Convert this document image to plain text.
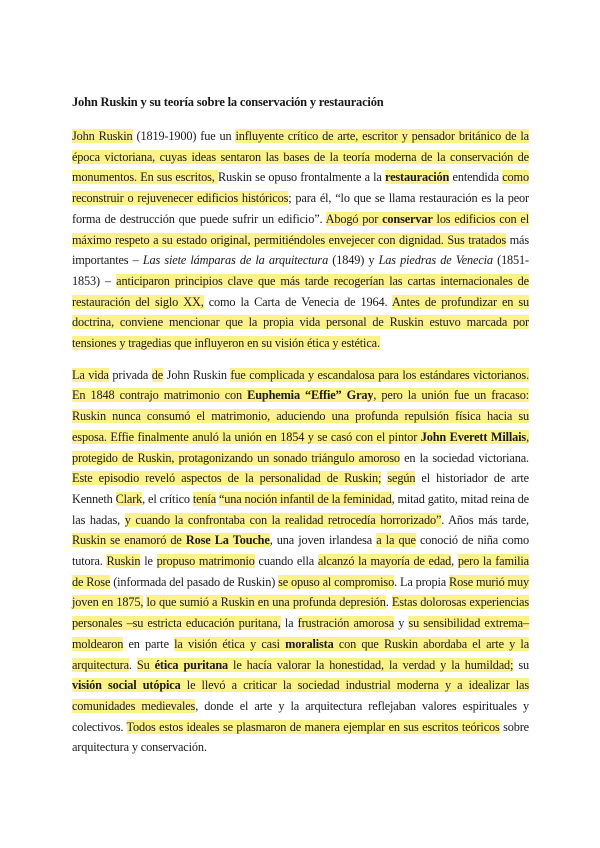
John Ruskin y su teoría sobre la conservación y restauración

John Ruskin (1819-1900) fue un influyente crítico de arte, escritor y pensador británico de la época victoriana, cuyas ideas sentaron las bases de la teoría moderna de la conservación de monumentos. En sus escritos, Ruskin se opuso frontalmente a la restauración entendida como reconstruir o rejuvenecer edificios históricos; para él, “lo que se llama restauración es la peor forma de destrucción que puede sufrir un edificio”. Abogó por conservar los edificios con el máximo respeto a su estado original, permitiéndoles envejecer con dignidad. Sus tratados más importantes – Las siete lámparas de la arquitectura (1849) y Las piedras de Venecia (1851-1853) – anticiparon principios clave que más tarde recogerían las cartas internacionales de restauración del siglo XX, como la Carta de Venecia de 1964. Antes de profundizar en su doctrina, conviene mencionar que la propia vida personal de Ruskin estuvo marcada por tensiones y tragedias que influyeron en su visión ética y estética.

La vida privada de John Ruskin fue complicada y escandalosa para los estándares victorianos. En 1848 contrajo matrimonio con Euphemia “Effie” Gray, pero la unión fue un fracaso: Ruskin nunca consumó el matrimonio, aduciendo una profunda repulsión física hacia su esposa. Effie finalmente anuló la unión en 1854 y se casó con el pintor John Everett Millais, protegido de Ruskin, protagonizando un sonado triángulo amoroso en la sociedad victoriana. Este episodio reveló aspectos de la personalidad de Ruskin; según el historiador de arte Kenneth Clark, el crítico tenía “una noción infantil de la feminidad, mitad gatito, mitad reina de las hadas, y cuando la confrontaba con la realidad retrocedía horrorizado”. Años más tarde, Ruskin se enamoró de Rose La Touche, una joven irlandesa a la que conoció de niña como tutora. Ruskin le propuso matrimonio cuando ella alcanzó la mayoría de edad, pero la familia de Rose (informada del pasado de Ruskin) se opuso al compromiso. La propia Rose murió muy joven en 1875, lo que sumió a Ruskin en una profunda depresión. Estas dolorosas experiencias personales –su estricta educación puritana, la frustración amorosa y su sensibilidad extrema– moldearon en parte la visión ética y casi moralista con que Ruskin abordaba el arte y la arquitectura. Su ética puritana le hacía valorar la honestidad, la verdad y la humildad; su visión social utópica le llevó a criticar la sociedad industrial moderna y a idealizar las comunidades medievales, donde el arte y la arquitectura reflejaban valores espirituales y colectivos. Todos estos ideales se plasmaron de manera ejemplar en sus escritos teóricos sobre arquitectura y conservación.
